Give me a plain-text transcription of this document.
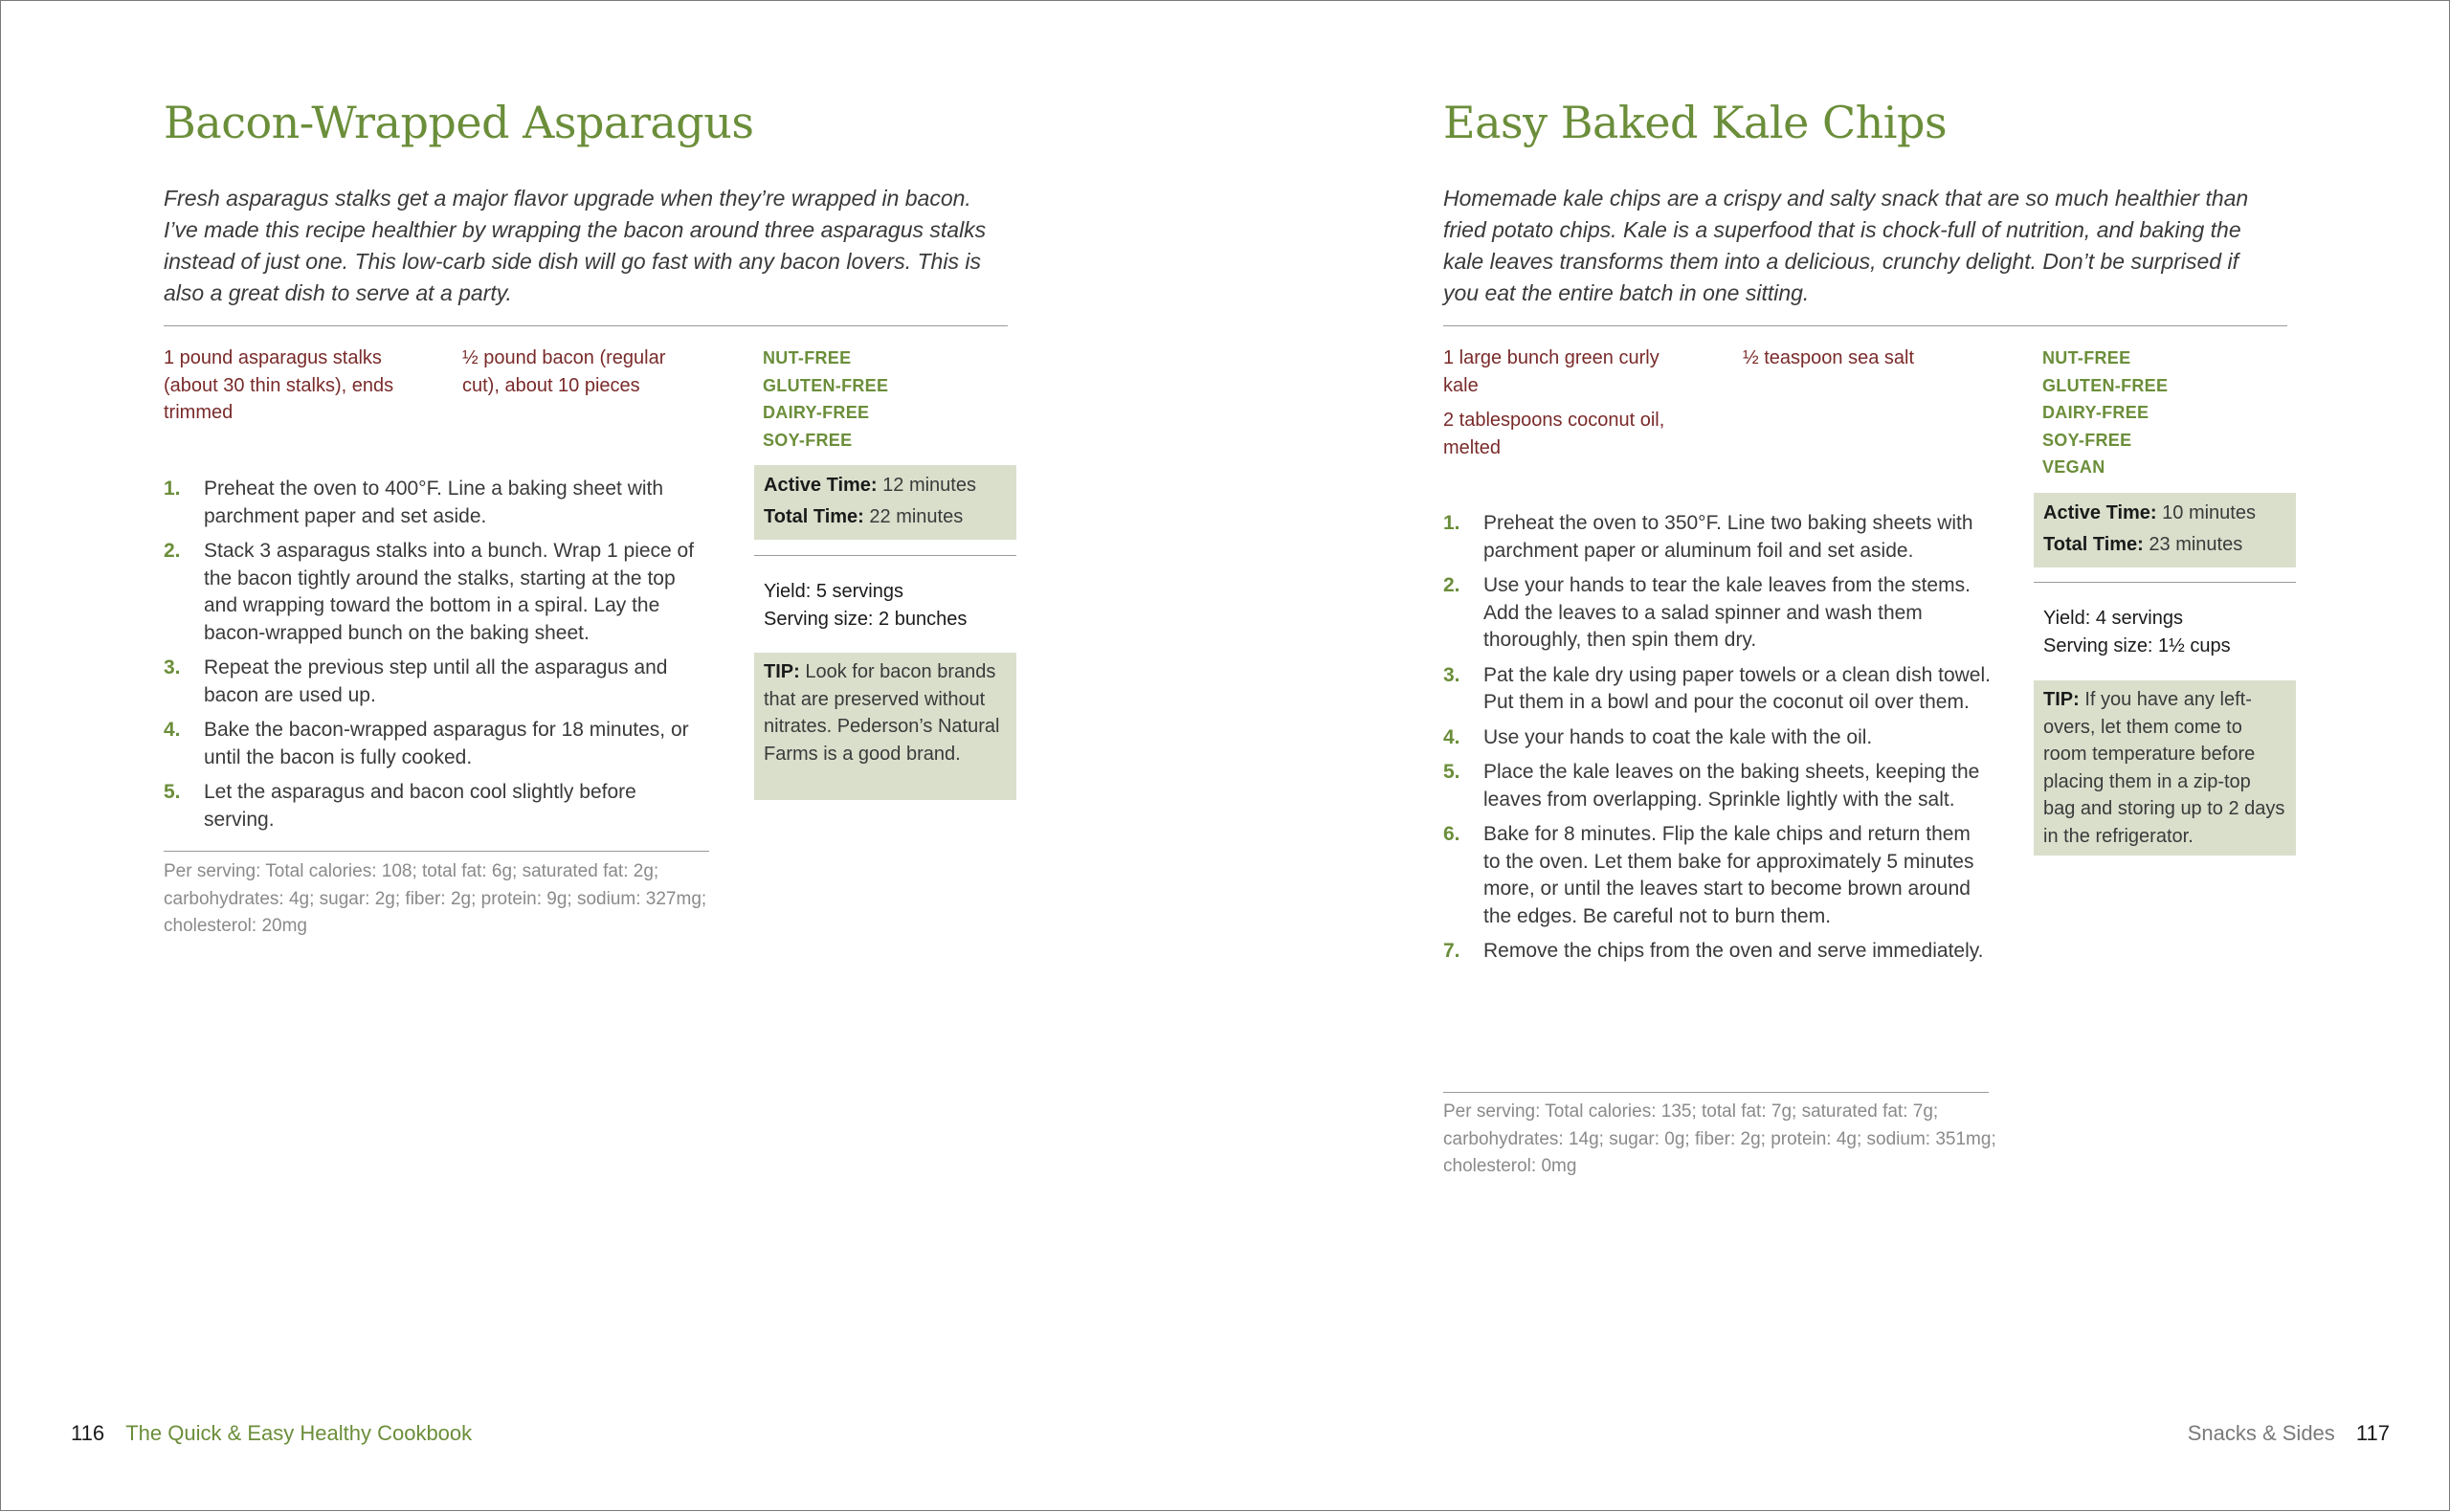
Bacon-Wrapped Asparagus
Fresh asparagus stalks get a major flavor upgrade when they’re wrapped in bacon. I’ve made this recipe healthier by wrapping the bacon around three asparagus stalks instead of just one. This low-carb side dish will go fast with any bacon lovers. This is also a great dish to serve at a party.

1 pound asparagus stalks (about 30 thin stalks), ends trimmed

½ pound bacon (regular cut), about 10 pieces

NUT-FREE
GLUTEN-FREE
DAIRY-FREE
SOY-FREE
1. Preheat the oven to 400°F. Line a baking sheet with parchment paper and set aside.
2. Stack 3 asparagus stalks into a bunch. Wrap 1 piece of the bacon tightly around the stalks, starting at the top and wrapping toward the bottom in a spiral. Lay the bacon-wrapped bunch on the baking sheet.
3. Repeat the previous step until all the asparagus and bacon are used up.
4. Bake the bacon-wrapped asparagus for 18 minutes, or until the bacon is fully cooked.
5. Let the asparagus and bacon cool slightly before serving.
Active Time: 12 minutes
Total Time: 22 minutes
Yield: 5 servings
Serving size: 2 bunches
TIP: Look for bacon brands that are preserved without nitrates. Pederson’s Natural Farms is a good brand.
Per serving: Total calories: 108; total fat: 6g; saturated fat: 2g; carbohydrates: 4g; sugar: 2g; fiber: 2g; protein: 9g; sodium: 327mg; cholesterol: 20mg
Easy Baked Kale Chips
Homemade kale chips are a crispy and salty snack that are so much healthier than fried potato chips. Kale is a superfood that is chock-full of nutrition, and baking the kale leaves transforms them into a delicious, crunchy delight. Don’t be surprised if you eat the entire batch in one sitting.

1 large bunch green curly kale

2 tablespoons coconut oil, melted

½ teaspoon sea salt	NUT-FREE
GLUTEN-FREE
DAIRY-FREE
SOY-FREE
VEGAN
1. Preheat the oven to 350°F. Line two baking sheets with parchment paper or aluminum foil and set aside.
2. Use your hands to tear the kale leaves from the stems. Add the leaves to a salad spinner and wash them thoroughly, then spin them dry.
3. Pat the kale dry using paper towels or a clean dish towel. Put them in a bowl and pour the coconut oil over them.
4. Use your hands to coat the kale with the oil.
5. Place the kale leaves on the baking sheets, keeping the leaves from overlapping. Sprinkle lightly with the salt.
6. Bake for 8 minutes. Flip the kale chips and return them to the oven. Let them bake for approximately 5 minutes more, or until the leaves start to become brown around the edges. Be careful not to burn them.
7. Remove the chips from the oven and serve immediately.
Active Time: 10 minutes
Total Time: 23 minutes
Yield: 4 servings
Serving size: 1½ cups
TIP: If you have any leftovers, let them come to room temperature before placing them in a zip-top bag and storing up to 2 days in the refrigerator.
Per serving: Total calories: 135; total fat: 7g; saturated fat: 7g; carbohydrates: 14g; sugar: 0g; fiber: 2g; protein: 4g; sodium: 351mg; cholesterol: 0mg
116 The Quick & Easy Healthy Cookbook	Snacks & Sides 117
